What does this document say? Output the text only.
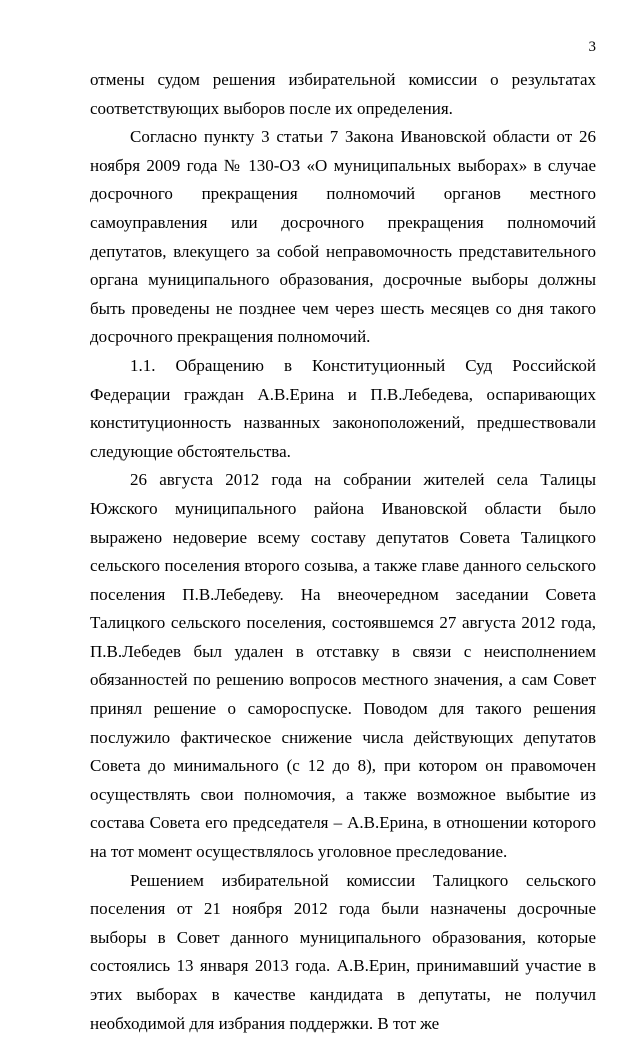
3

отмены судом решения избирательной комиссии о результатах соответствующих выборов после их определения.

Согласно пункту 3 статьи 7 Закона Ивановской области от 26 ноября 2009 года № 130-ОЗ «О муниципальных выборах» в случае досрочного прекращения полномочий органов местного самоуправления или досрочного прекращения полномочий депутатов, влекущего за собой неправомочность представительного органа муниципального образования, досрочные выборы должны быть проведены не позднее чем через шесть месяцев со дня такого досрочного прекращения полномочий.

1.1. Обращению в Конституционный Суд Российской Федерации граждан А.В.Ерина и П.В.Лебедева, оспаривающих конституционность названных законоположений, предшествовали следующие обстоятельства.

26 августа 2012 года на собрании жителей села Талицы Южского муниципального района Ивановской области было выражено недоверие всему составу депутатов Совета Талицкого сельского поселения второго созыва, а также главе данного сельского поселения П.В.Лебедеву. На внеочередном заседании Совета Талицкого сельского поселения, состоявшемся 27 августа 2012 года, П.В.Лебедев был удален в отставку в связи с неисполнением обязанностей по решению вопросов местного значения, а сам Совет принял решение о самороспуске. Поводом для такого решения послужило фактическое снижение числа действующих депутатов Совета до минимального (с 12 до 8), при котором он правомочен осуществлять свои полномочия, а также возможное выбытие из состава Совета его председателя – А.В.Ерина, в отношении которого на тот момент осуществлялось уголовное преследование.

Решением избирательной комиссии Талицкого сельского поселения от 21 ноября 2012 года были назначены досрочные выборы в Совет данного муниципального образования, которые состоялись 13 января 2013 года. А.В.Ерин, принимавший участие в этих выборах в качестве кандидата в депутаты, не получил необходимой для избрания поддержки. В тот же
